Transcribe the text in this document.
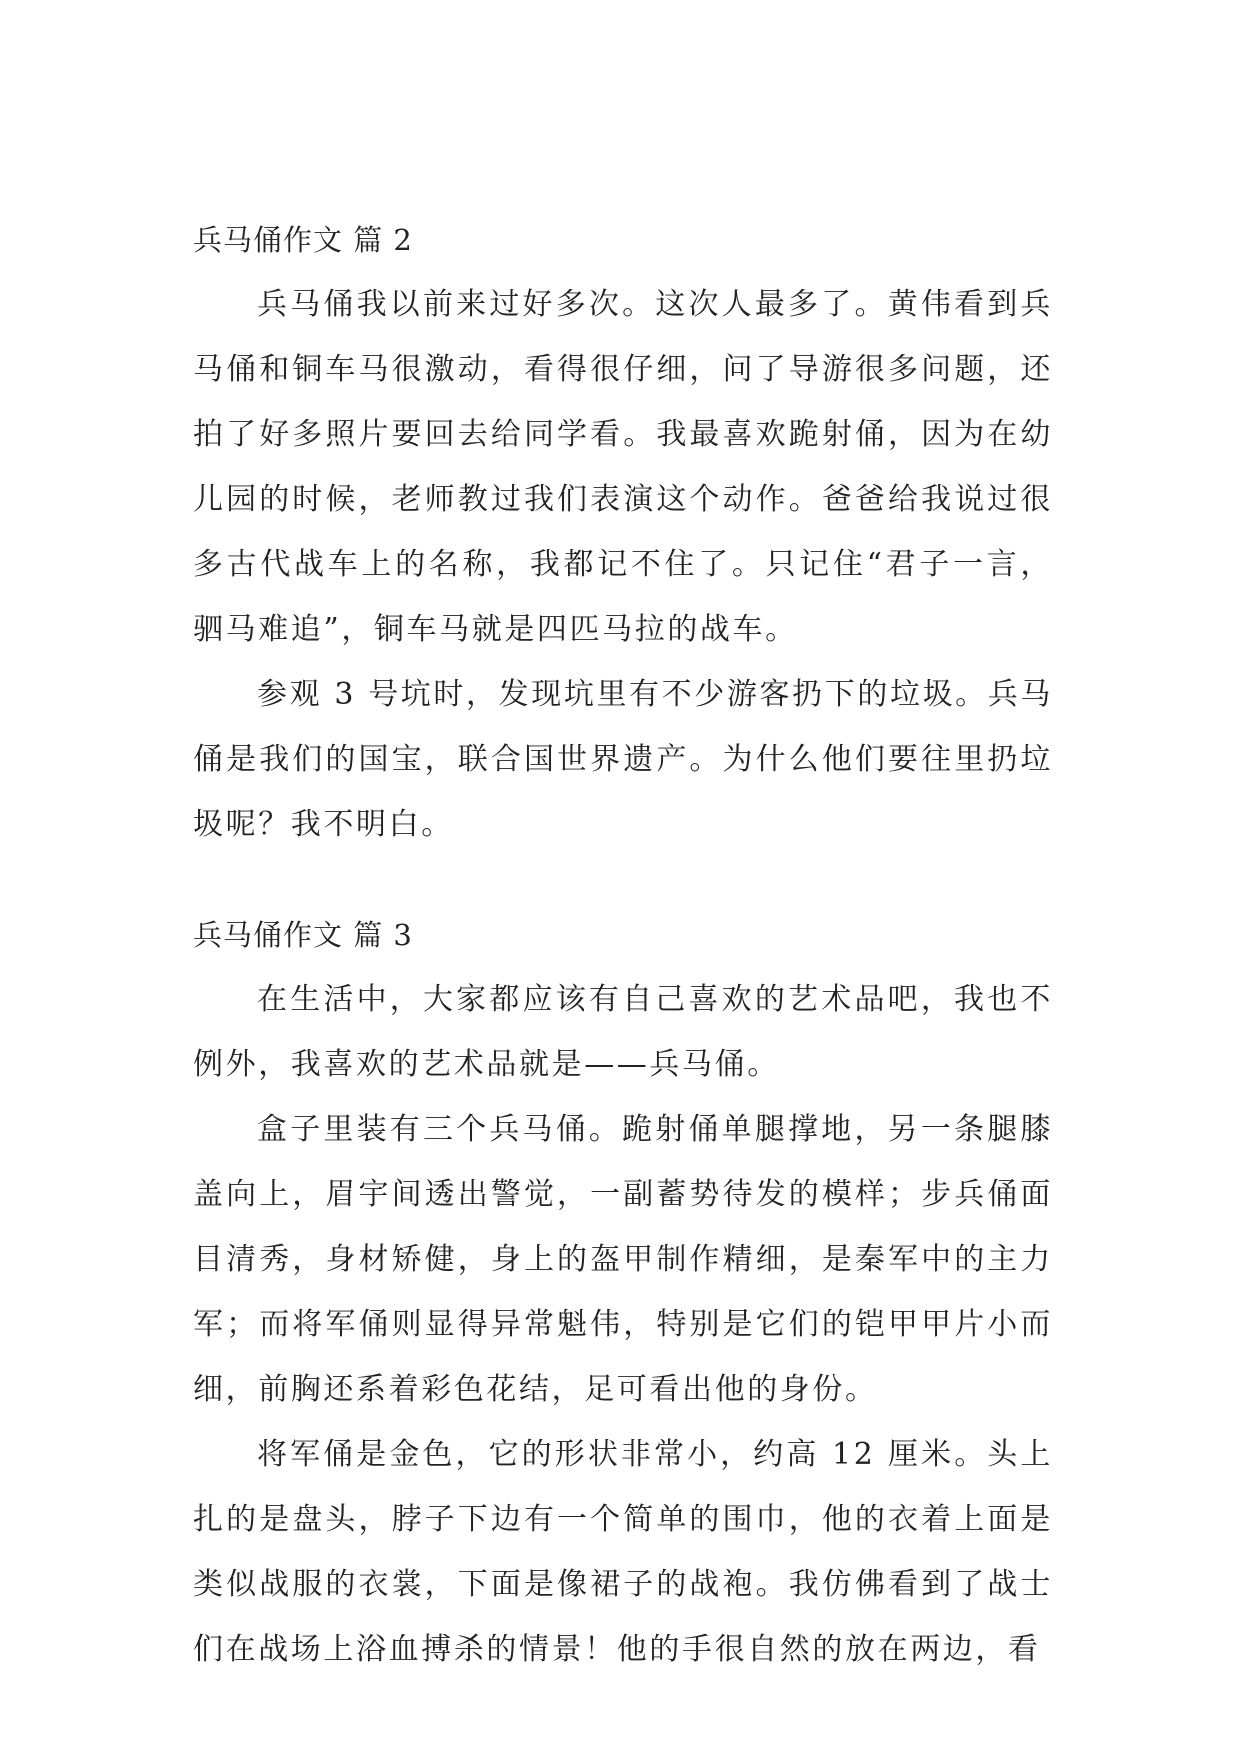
兵马俑作文 篇 2

兵马俑我以前来过好多次。这次人最多了。黄伟看到兵马俑和铜车马很激动，看得很仔细，问了导游很多问题，还拍了好多照片要回去给同学看。我最喜欢跪射俑，因为在幼儿园的时候，老师教过我们表演这个动作。爸爸给我说过很多古代战车上的名称，我都记不住了。只记住“君子一言，驷马难追”，铜车马就是四匹马拉的战车。

参观 3 号坑时，发现坑里有不少游客扔下的垃圾。兵马俑是我们的国宝，联合国世界遗产。为什么他们要往里扔垃圾呢？我不明白。

兵马俑作文 篇 3

在生活中，大家都应该有自己喜欢的艺术品吧，我也不例外，我喜欢的艺术品就是——兵马俑。

盒子里装有三个兵马俑。跪射俑单腿撑地，另一条腿膝盖向上，眉宇间透出警觉，一副蓄势待发的模样；步兵俑面目清秀，身材矫健，身上的盔甲制作精细，是秦军中的主力军；而将军俑则显得异常魁伟，特别是它们的铠甲甲片小而细，前胸还系着彩色花结，足可看出他的身份。

将军俑是金色，它的形状非常小，约高 12 厘米。头上扎的是盘头，脖子下边有一个简单的围巾，他的衣着上面是类似战服的衣裳，下面是像裙子的战袍。我仿佛看到了战士们在战场上浴血搏杀的情景！他的手很自然的放在两边，看
